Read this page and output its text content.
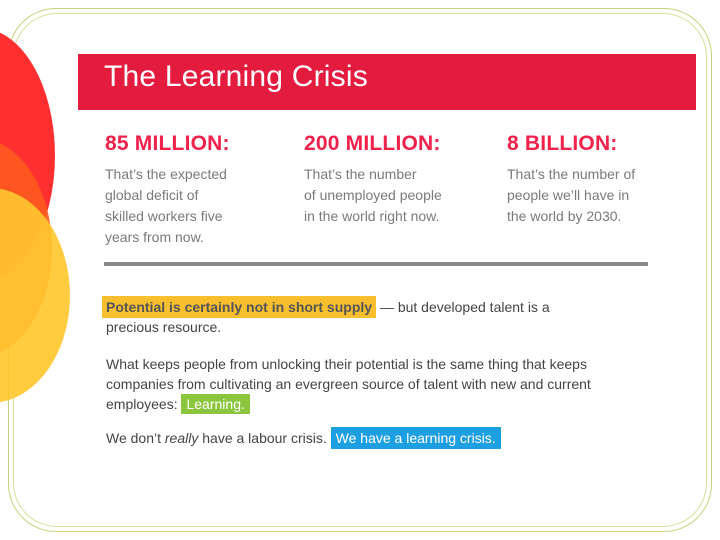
The Learning Crisis
85 MILLION:
That’s the expected
global deficit of
skilled workers five
years from now.
200 MILLION:
That’s the number
of unemployed people
in the world right now.
8 BILLION:
That’s the number of
people we’ll have in
the world by 2030.
Potential is certainly not in short supply — but developed talent is a
precious resource.
What keeps people from unlocking their potential is the same thing that keeps
companies from cultivating an evergreen source of talent with new and current
employees: Learning.
We don’t really have a labour crisis. We have a learning crisis.
